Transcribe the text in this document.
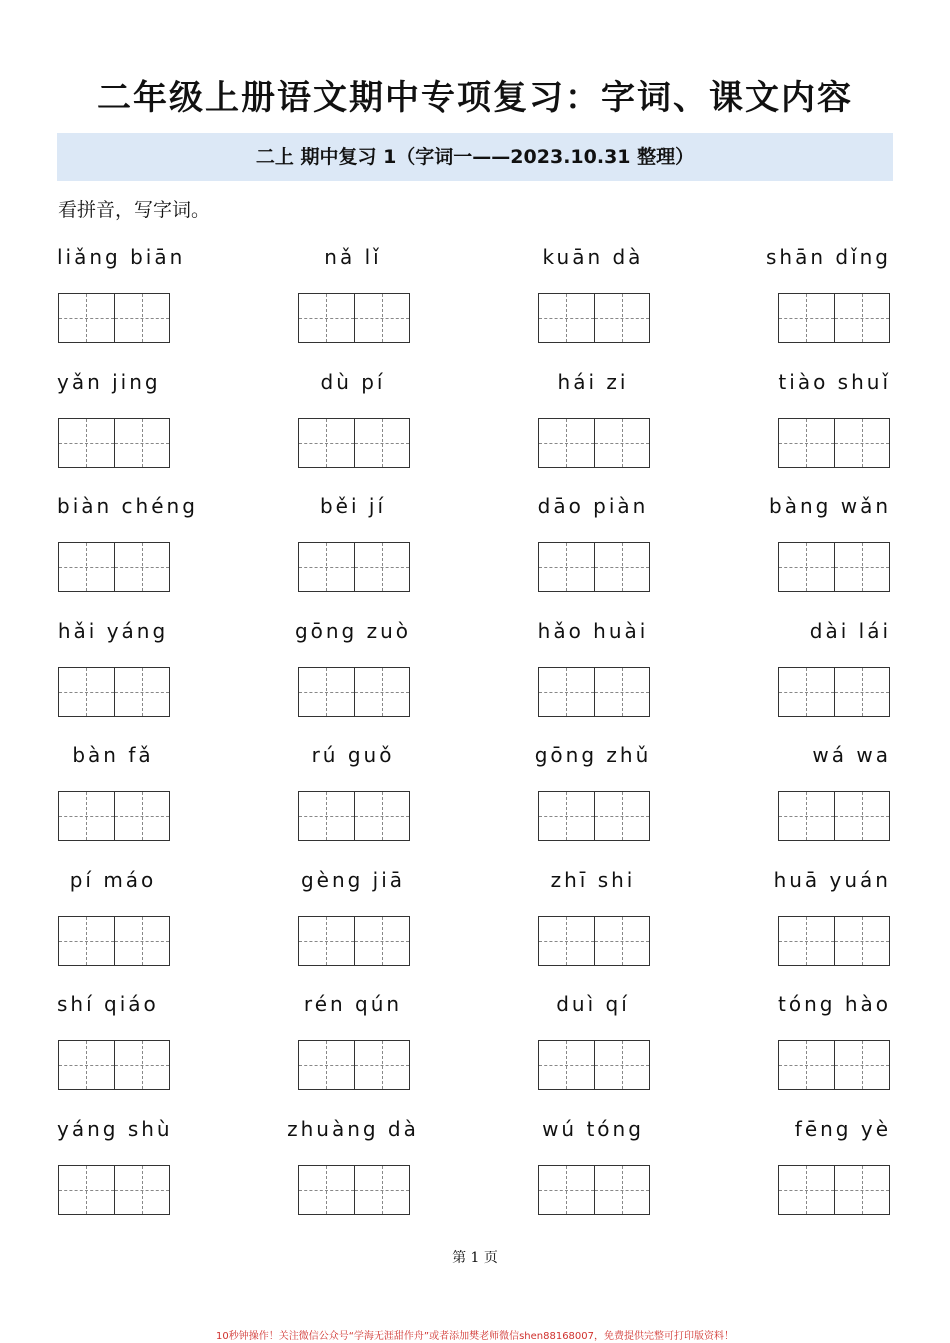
二年级上册语文期中专项复习：字词、课文内容
二上 期中复习 1（字词一——2023.10.31 整理）
看拼音，写字词。
liǎng biān	nǎ lǐ	kuān dà	shān dǐng
yǎn jing	dù pí	hái zi	tiào shuǐ
biàn chéng	běi jí	dāo piàn	bàng wǎn
hǎi yáng	gōng zuò	hǎo huài	dài lái
bàn fǎ	rú guǒ	gōng zhǔ	wá wa
pí máo	gèng jiā	zhī shi	huā yuán
shí qiáo	rén qún	duì qí	tóng hào
yáng shù	zhuàng dà	wú tóng	fēng yè
第 1 页
10秒钟操作！关注微信公众号“学海无涯甜作舟”或者添加樊老师微信shen88168007，免费提供完整可打印版资料！
